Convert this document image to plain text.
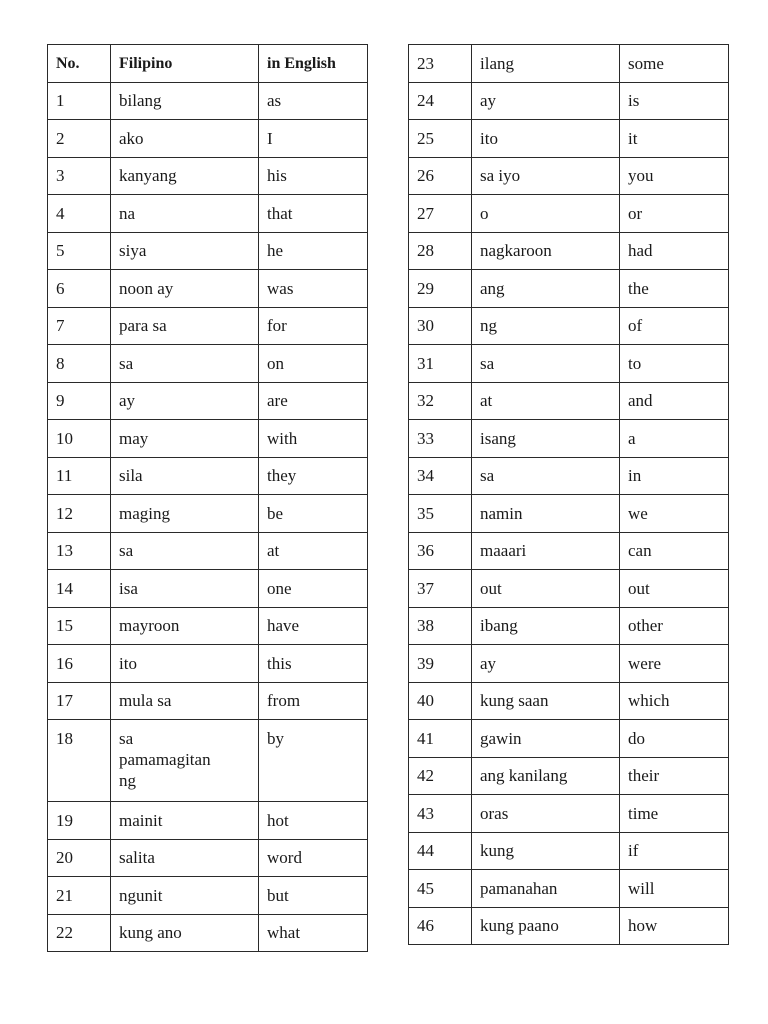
No.	Filipino	in English
1	bilang	as
2	ako	I
3	kanyang	his
4	na	that
5	siya	he
6	noon ay	was
7	para sa	for
8	sa	on
9	ay	are
10	may	with
11	sila	they
12	maging	be
13	sa	at
14	isa	one
15	mayroon	have
16	ito	this
17	mula sa	from
18	sa pamamagitan ng	by
19	mainit	hot
20	salita	word
21	ngunit	but
22	kung ano	what
23	ilang	some
24	ay	is
25	ito	it
26	sa iyo	you
27	o	or
28	nagkaroon	had
29	ang	the
30	ng	of
31	sa	to
32	at	and
33	isang	a
34	sa	in
35	namin	we
36	maaari	can
37	out	out
38	ibang	other
39	ay	were
40	kung saan	which
41	gawin	do
42	ang kanilang	their
43	oras	time
44	kung	if
45	pamanahan	will
46	kung paano	how
